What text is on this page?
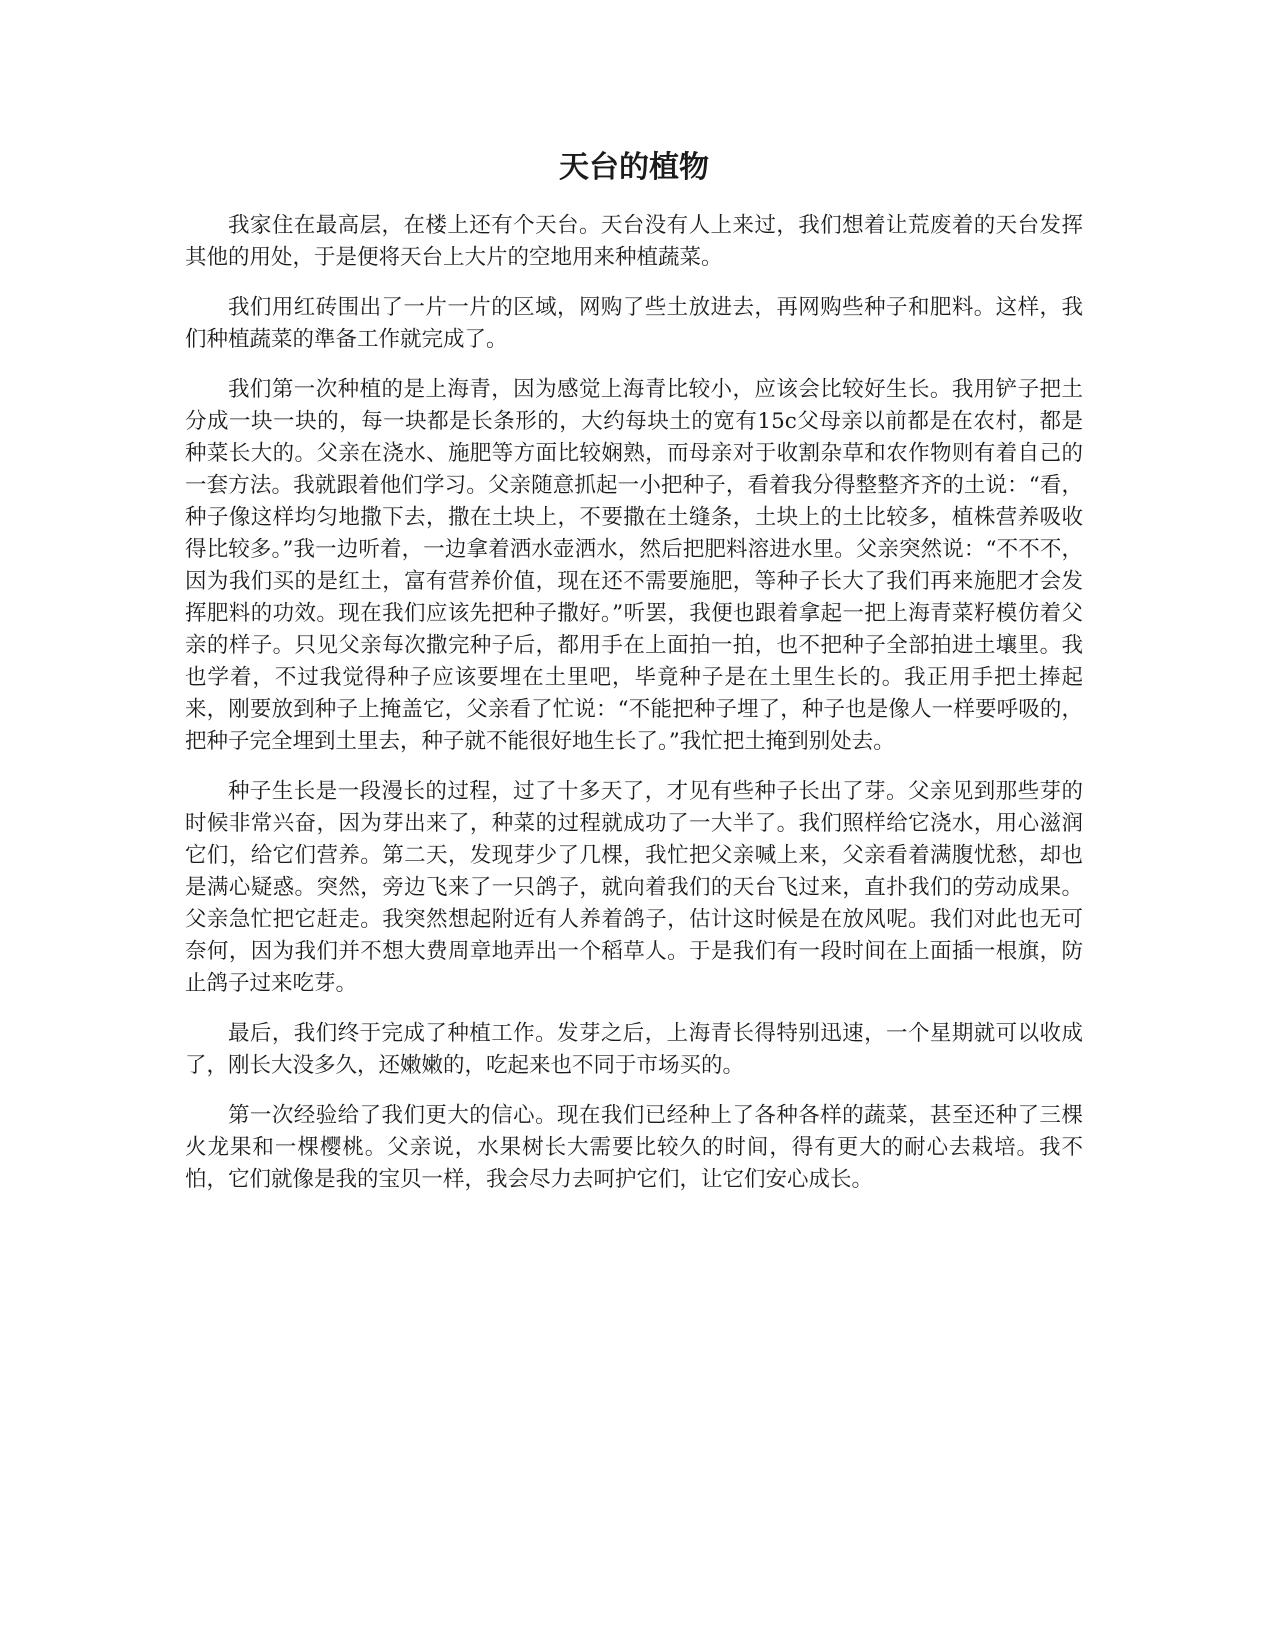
天台的植物

我家住在最高层，在楼上还有个天台。天台没有人上来过，我们想着让荒废着的天台发挥其他的用处，于是便将天台上大片的空地用来种植蔬菜。

我们用红砖围出了一片一片的区域，网购了些土放进去，再网购些种子和肥料。这样，我们种植蔬菜的準备工作就完成了。

我们第一次种植的是上海青，因为感觉上海青比较小，应该会比较好生长。我用铲子把土分成一块一块的，每一块都是长条形的，大约每块土的宽有15c父母亲以前都是在农村，都是种菜长大的。父亲在浇水、施肥等方面比较娴熟，而母亲对于收割杂草和农作物则有着自己的一套方法。我就跟着他们学习。父亲随意抓起一小把种子，看着我分得整整齐齐的土说：“看，种子像这样均匀地撒下去，撒在土块上，不要撒在土缝条，土块上的土比较多，植株营养吸收得比较多。”我一边听着，一边拿着洒水壶洒水，然后把肥料溶进水里。父亲突然说：“不不不，因为我们买的是红土，富有营养价值，现在还不需要施肥，等种子长大了我们再来施肥才会发挥肥料的功效。现在我们应该先把种子撒好。”听罢，我便也跟着拿起一把上海青菜籽模仿着父亲的样子。只见父亲每次撒完种子后，都用手在上面拍一拍，也不把种子全部拍进土壤里。我也学着，不过我觉得种子应该要埋在土里吧，毕竟种子是在土里生长的。我正用手把土捧起来，刚要放到种子上掩盖它，父亲看了忙说：“不能把种子埋了，种子也是像人一样要呼吸的，把种子完全埋到土里去，种子就不能很好地生长了。”我忙把土掩到别处去。

种子生长是一段漫长的过程，过了十多天了，才见有些种子长出了芽。父亲见到那些芽的时候非常兴奋，因为芽出来了，种菜的过程就成功了一大半了。我们照样给它浇水，用心滋润它们，给它们营养。第二天，发现芽少了几棵，我忙把父亲喊上来，父亲看着满腹忧愁，却也是满心疑惑。突然，旁边飞来了一只鸽子，就向着我们的天台飞过来，直扑我们的劳动成果。父亲急忙把它赶走。我突然想起附近有人养着鸽子，估计这时候是在放风呢。我们对此也无可奈何，因为我们并不想大费周章地弄出一个稻草人。于是我们有一段时间在上面插一根旗，防止鸽子过来吃芽。

最后，我们终于完成了种植工作。发芽之后，上海青长得特别迅速，一个星期就可以收成了，刚长大没多久，还嫩嫩的，吃起来也不同于市场买的。

第一次经验给了我们更大的信心。现在我们已经种上了各种各样的蔬菜，甚至还种了三棵火龙果和一棵樱桃。父亲说，水果树长大需要比较久的时间，得有更大的耐心去栽培。我不怕，它们就像是我的宝贝一样，我会尽力去呵护它们，让它们安心成长。
